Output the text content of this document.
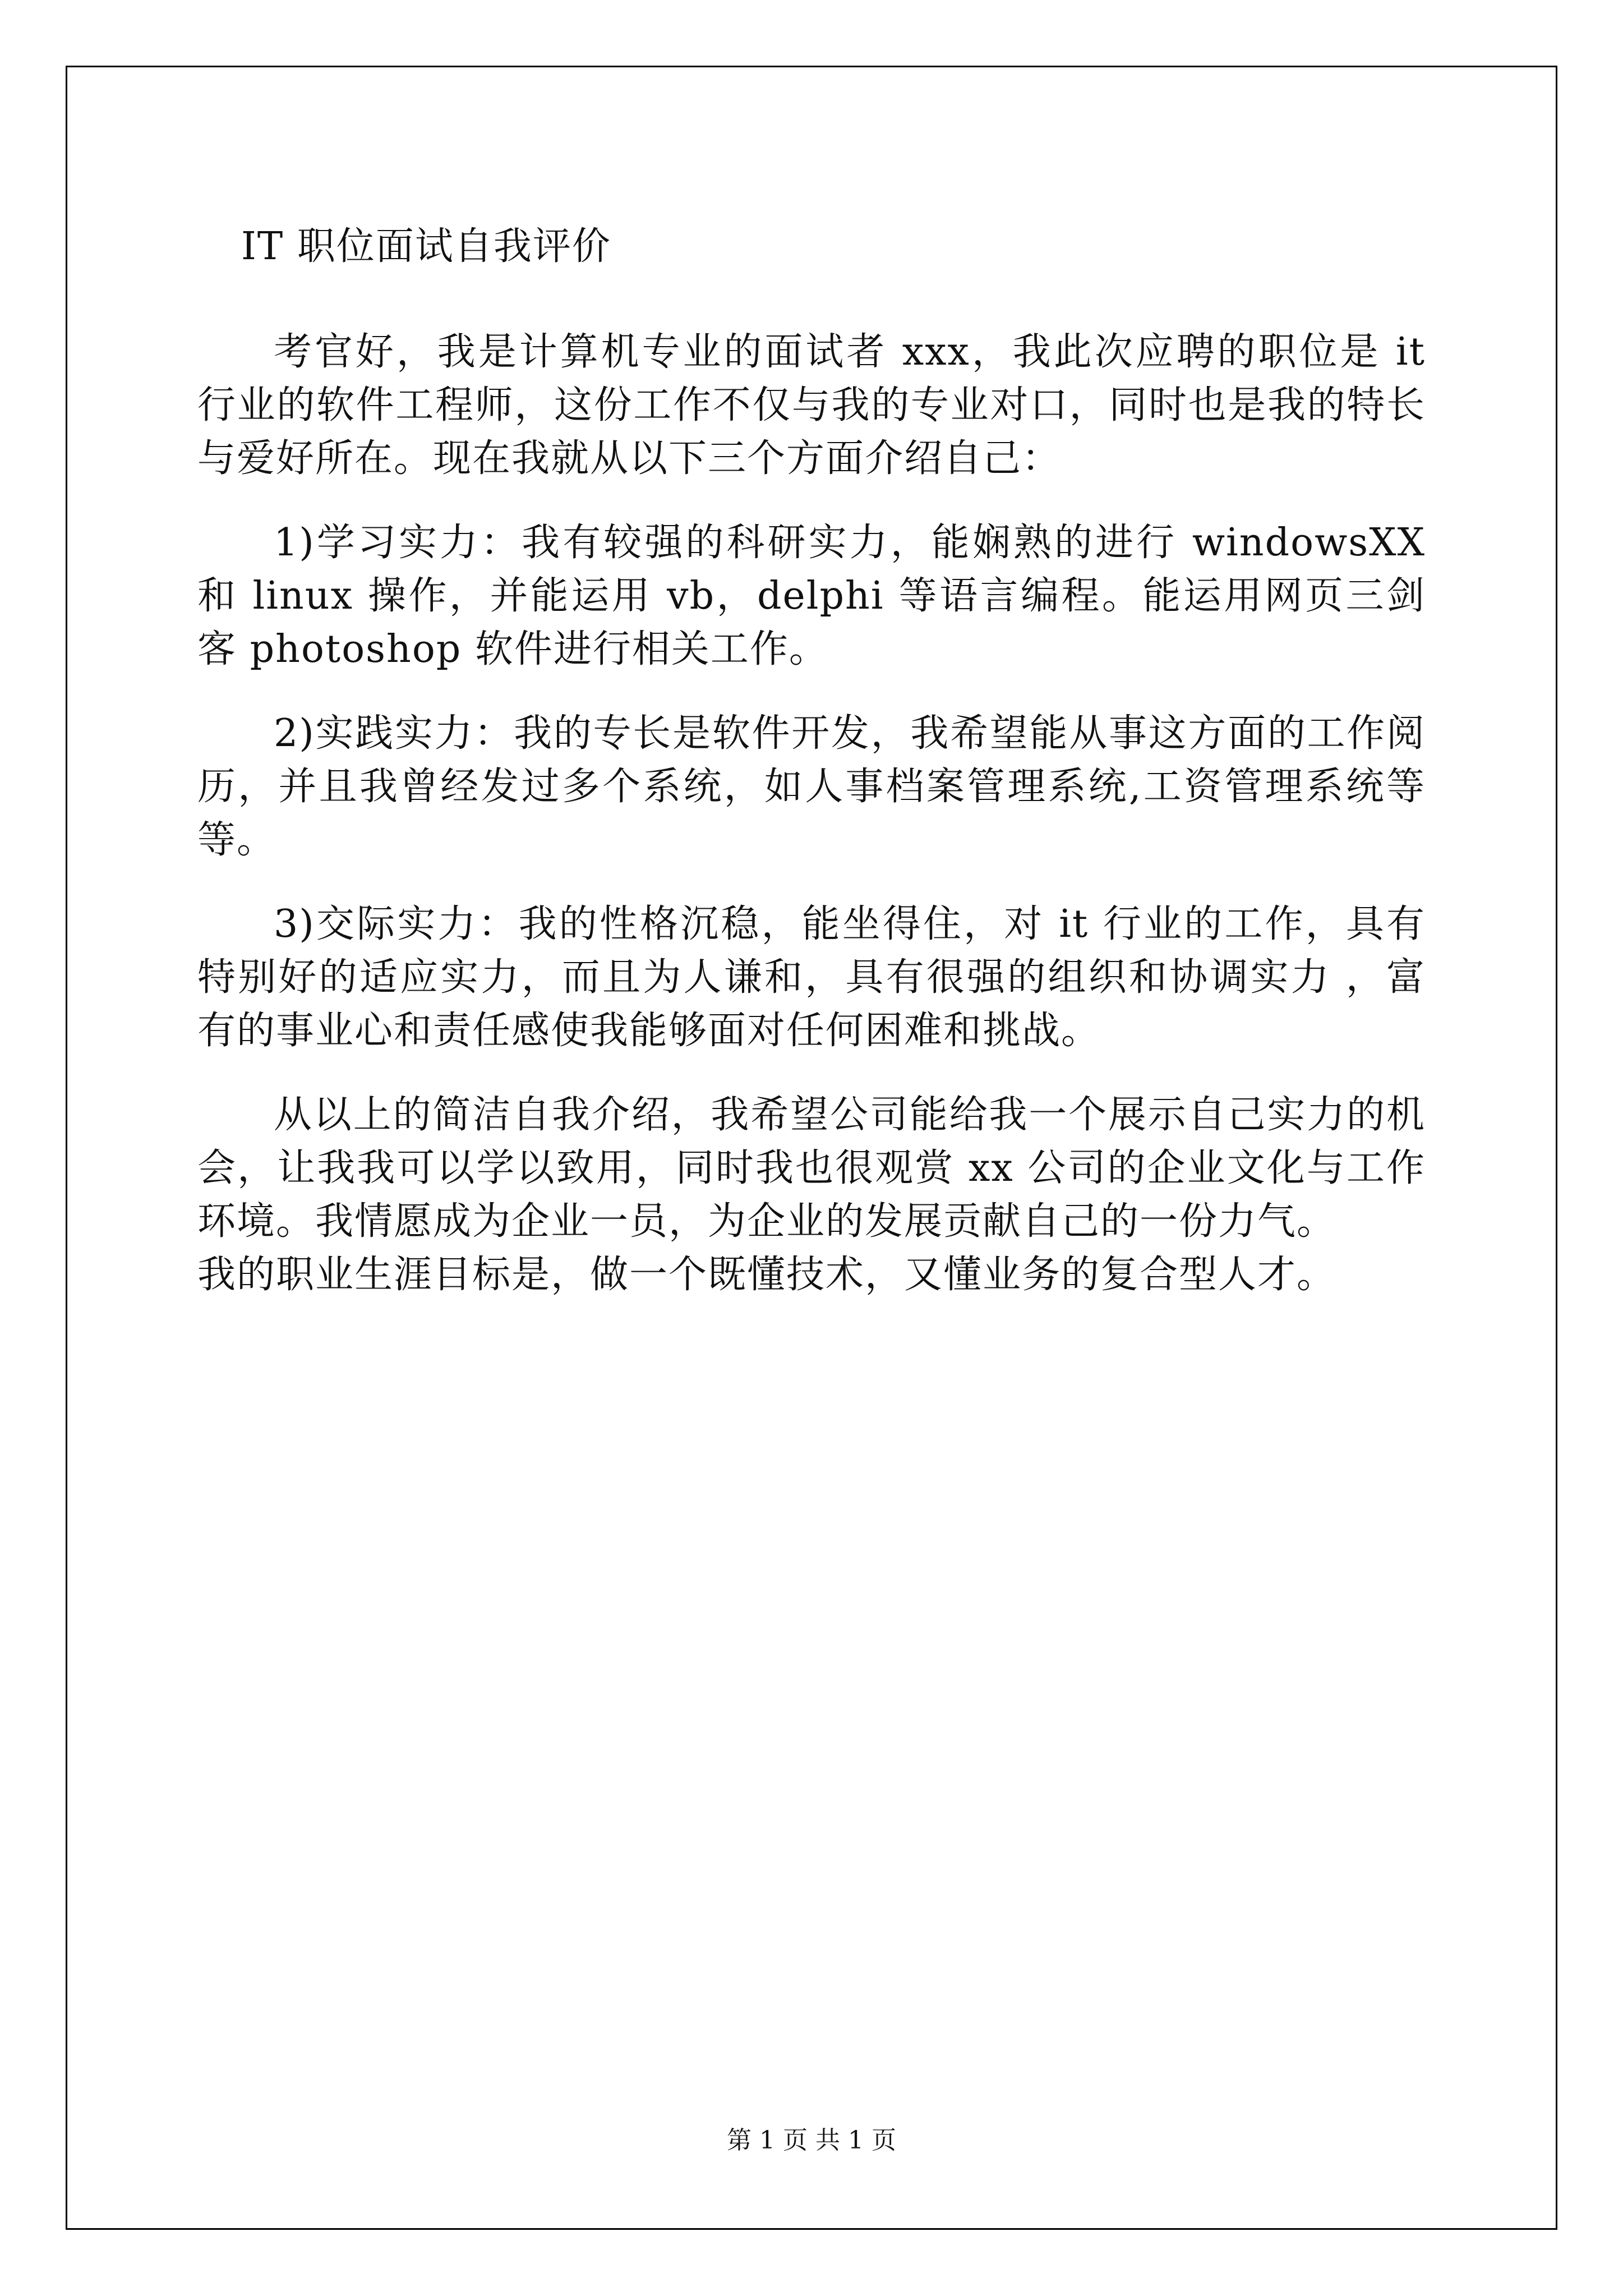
IT 职位面试自我评价

考官好，我是计算机专业的面试者 xxx，我此次应聘的职位是 it 行业的软件工程师，这份工作不仅与我的专业对口，同时也是我的特长与爱好所在。现在我就从以下三个方面介绍自己：

1)学习实力：我有较强的科研实力，能娴熟的进行 windowsXX 和 linux 操作，并能运用 vb，delphi 等语言编程。能运用网页三剑客 photoshop 软件进行相关工作。

2)实践实力：我的专长是软件开发，我希望能从事这方面的工作阅历，并且我曾经发过多个系统，如人事档案管理系统,工资管理系统等等。

3)交际实力：我的性格沉稳，能坐得住，对 it 行业的工作，具有特别好的适应实力，而且为人谦和，具有很强的组织和协调实力 ，富有的事业心和责任感使我能够面对任何困难和挑战。

从以上的简洁自我介绍，我希望公司能给我一个展示自己实力的机会，让我我可以学以致用，同时我也很观赏 xx 公司的企业文化与工作环境。我情愿成为企业一员，为企业的发展贡献自己的一份力气。

我的职业生涯目标是，做一个既懂技术，又懂业务的复合型人才。

第 1 页 共 1 页
